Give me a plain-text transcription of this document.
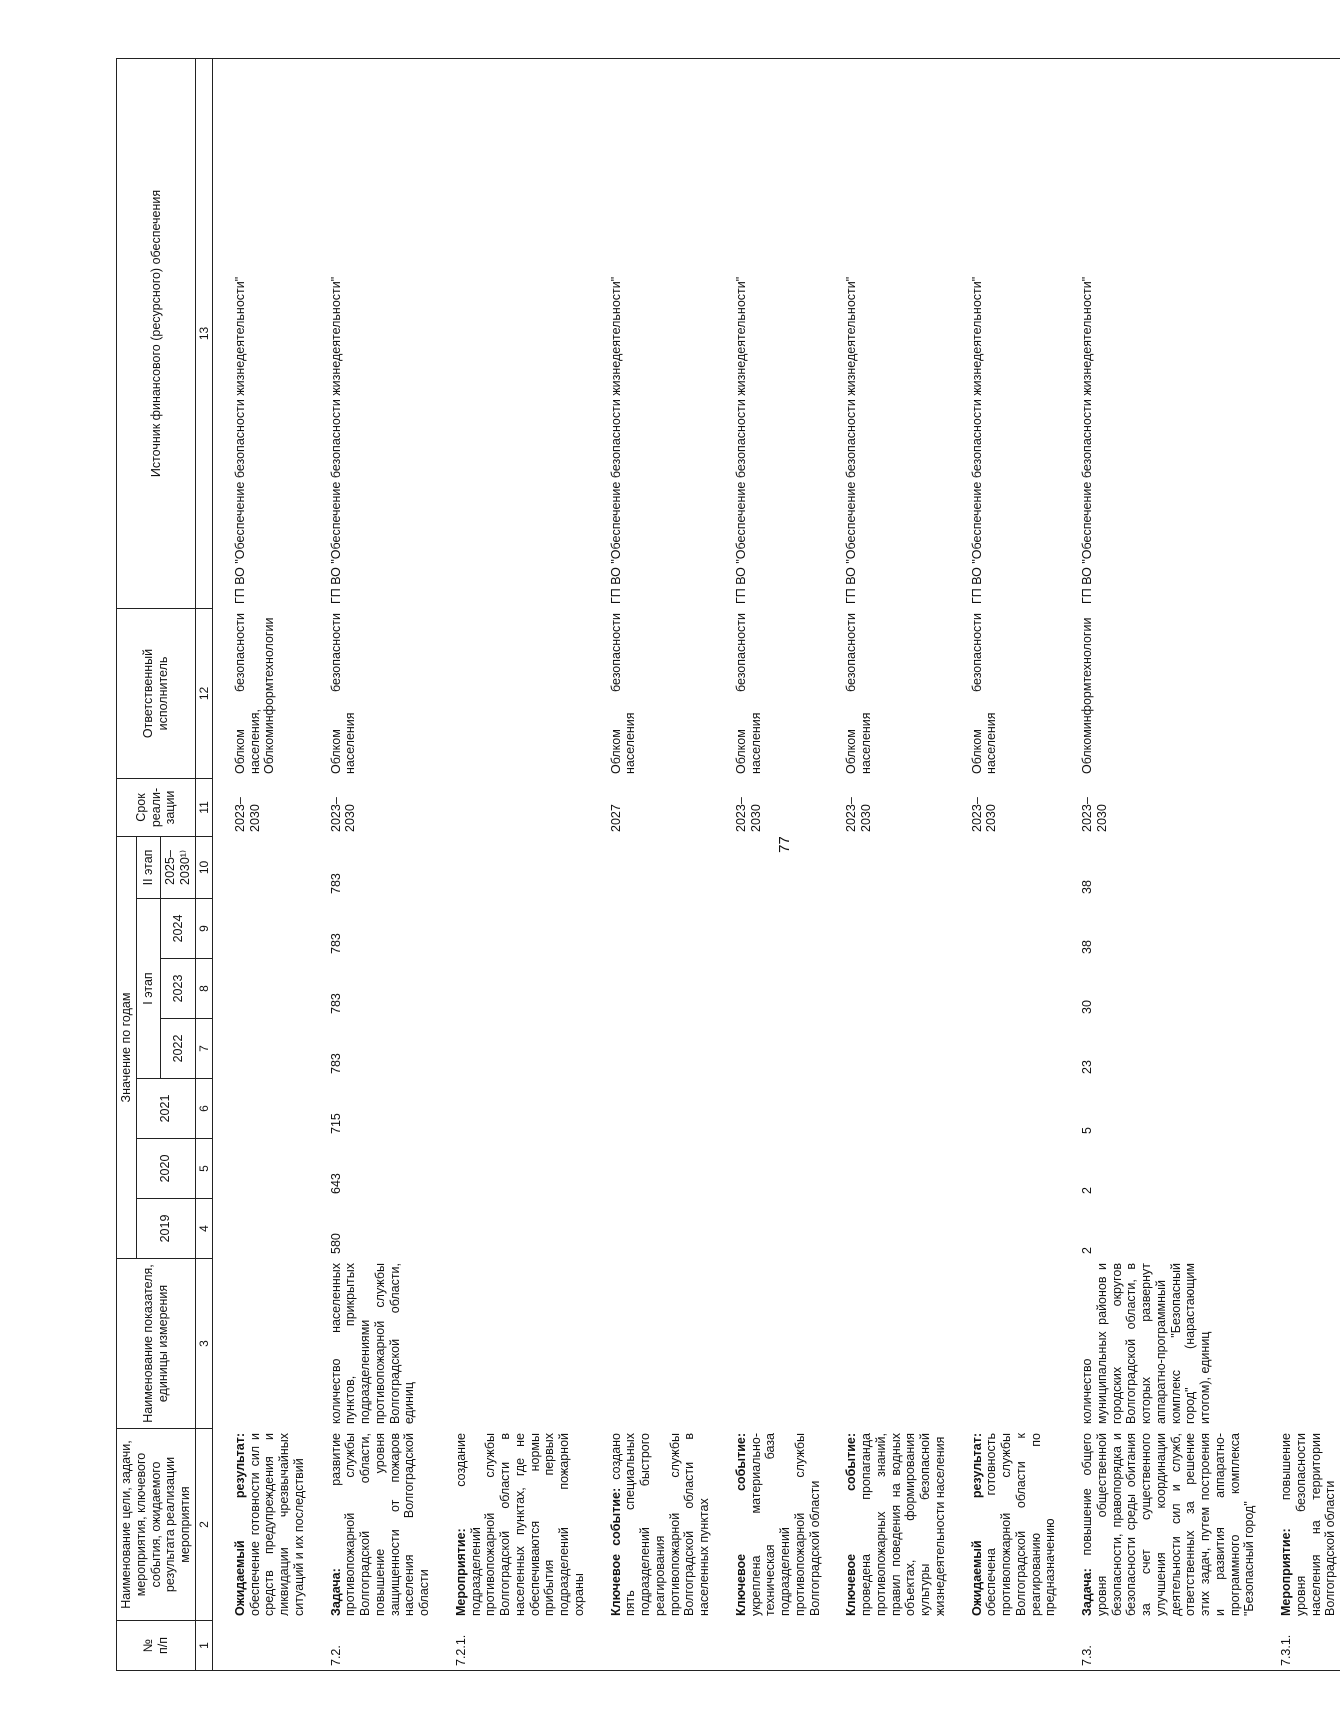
77
№
п/п	Наименование цели, задачи, мероприятия, ключевого события, ожидаемого результата реализации мероприятия	Наименование показателя, единицы измерения	Значение по годам							Срок реали-зации	Ответственный исполнитель	Источник финансового (ресурсного) обеспечения
			2019	2020	2021	I этап			II этап			
						2022	2023	2024	2025–2030¹⁾			
1	2	3	4	5	6	7	8	9	10	11	12	13
	Ожидаемый результат: обеспечение готовности сил и средств предупреждения и ликвидации чрезвычайных ситуаций и их последствий									2023–2030	Облком безопасности населения, Облкоминформтехнологии	ГП ВО "Обеспечение безопасности жизнедеятельности"
7.2.	Задача: развитие противопожарной службы Волгоградской области, повышение уровня защищенности от пожаров населения Волгоградской области	количество населенных пунктов, прикрытых подразделениями противопожарной службы Волгоградской области, единиц	580	643	715	783	783	783	783	2023–2030	Облком безопасности населения	ГП ВО "Обеспечение безопасности жизнедеятельности"
7.2.1.	Мероприятие: создание подразделений противопожарной службы Волгоградской области в населенных пунктах, где не обеспечиваются нормы прибытия первых подразделений пожарной охраны											
	Ключевое событие: создано пять специальных подразделений быстрого реагирования противопожарной службы Волгоградской области в населенных пунктах									2027	Облком безопасности населения	ГП ВО "Обеспечение безопасности жизнедеятельности"
	Ключевое событие: укреплена материально-техническая база подразделений противопожарной службы Волгоградской области									2023–2030	Облком безопасности населения	ГП ВО "Обеспечение безопасности жизнедеятельности"
	Ключевое событие: проведена пропаганда противопожарных знаний, правил поведения на водных объектах, формирования культуры безопасной жизнедеятельности населения									2023–2030	Облком безопасности населения	ГП ВО "Обеспечение безопасности жизнедеятельности"
	Ожидаемый результат: обеспечена готовность противопожарной службы Волгоградской области к реагированию по предназначению									2023–2030	Облком безопасности населения	ГП ВО "Обеспечение безопасности жизнедеятельности"
7.3.	Задача: повышение общего уровня общественной безопасности, правопорядка и безопасности среды обитания за счет существенного улучшения координации деятельности сил и служб, ответственных за решение этих задач, путем построения и развития аппаратно-программного комплекса "Безопасный город"	количество муниципальных районов и городских округов Волгоградской области, в которых развернут аппаратно-программный комплекс "Безопасный город" (нарастающим итогом), единиц	2	2	5	23	30	38	38	2023–2030	Облкоминформтехнологии	ГП ВО "Обеспечение безопасности жизнедеятельности"
7.3.1.	Мероприятие: повышение уровня безопасности населения на территории Волгоградской области											
